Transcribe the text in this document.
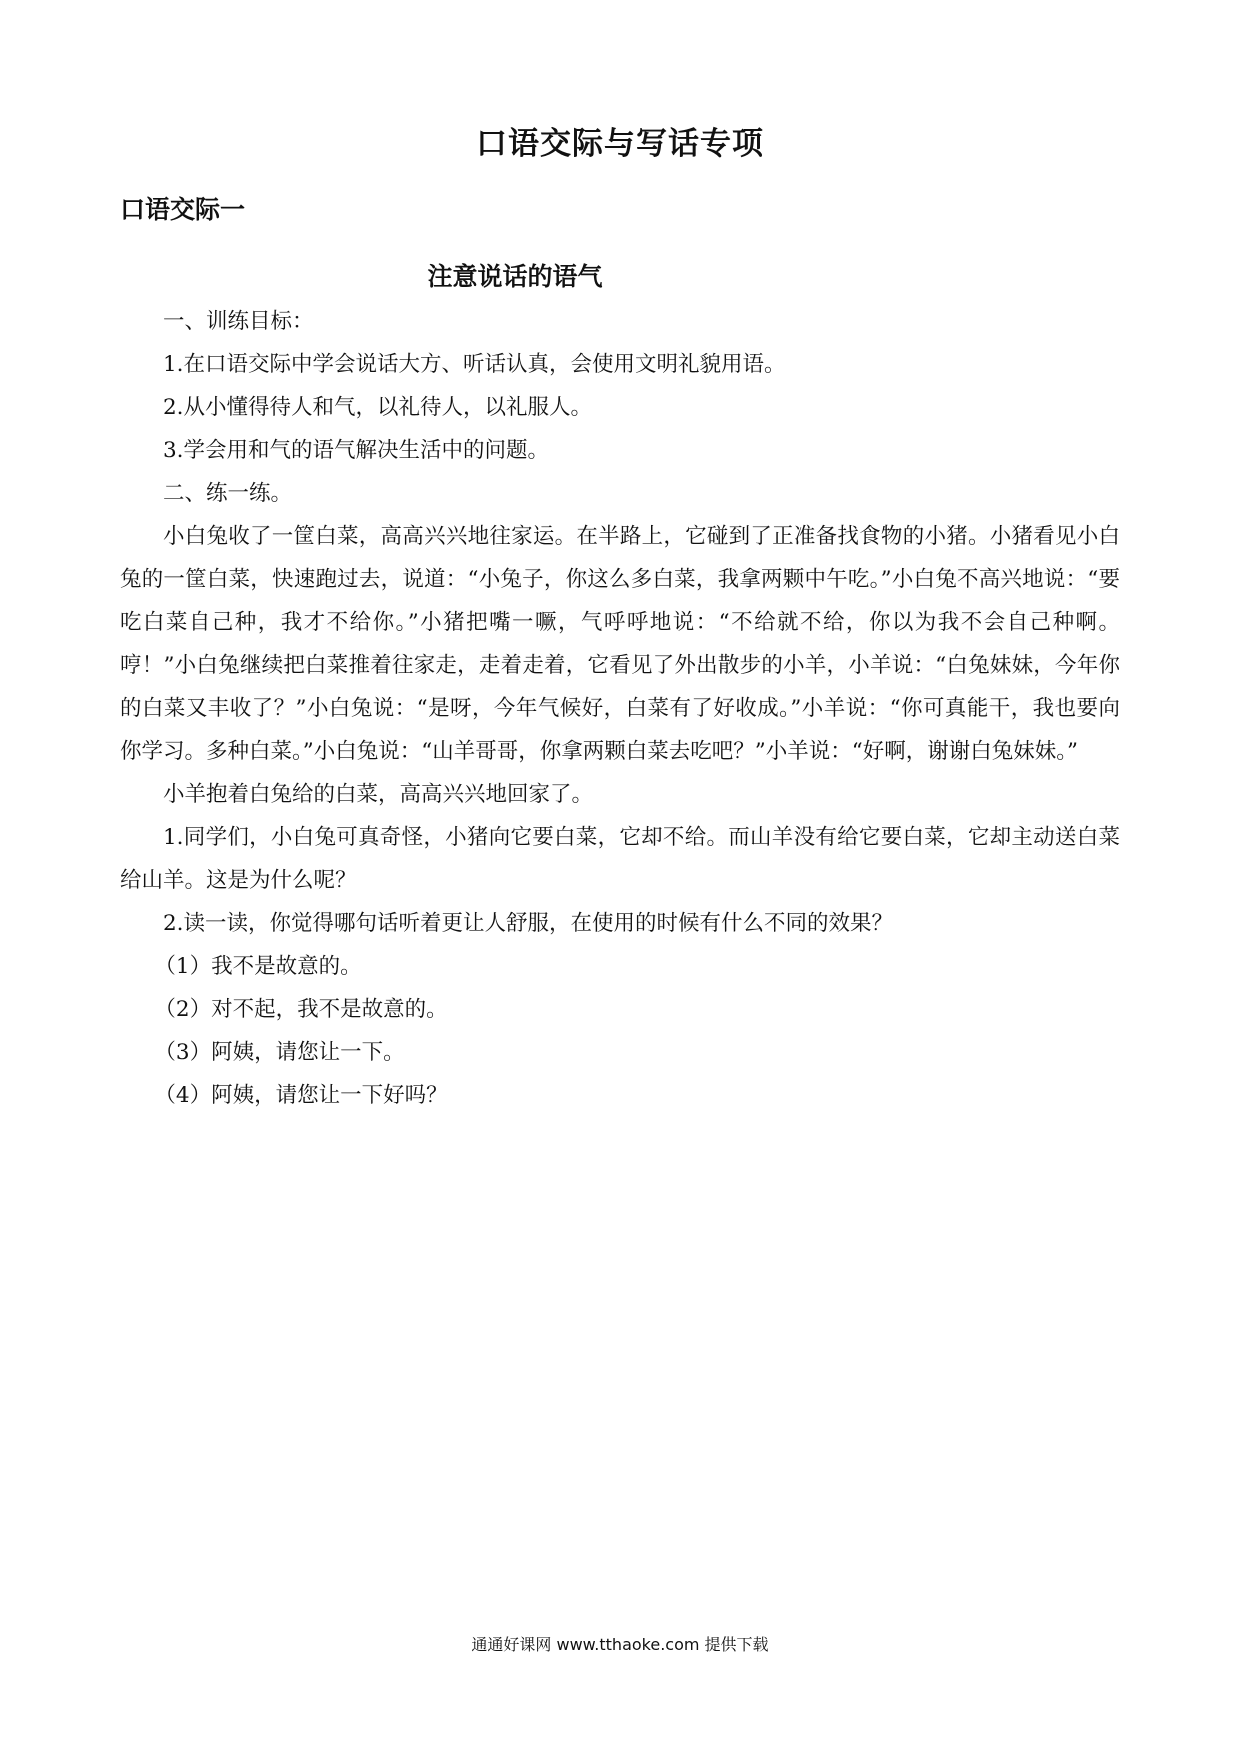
口语交际与写话专项
口语交际一
注意说话的语气

一、训练目标：

1.在口语交际中学会说话大方、听话认真，会使用文明礼貌用语。

2.从小懂得待人和气，以礼待人，以礼服人。

3.学会用和气的语气解决生活中的问题。

二、练一练。

小白兔收了一筐白菜，高高兴兴地往家运。在半路上，它碰到了正准备找食物的小猪。小猪看见小白兔的一筐白菜，快速跑过去，说道：“小兔子，你这么多白菜，我拿两颗中午吃。”小白兔不高兴地说：“要吃白菜自己种，我才不给你。”小猪把嘴一噘，气呼呼地说：“不给就不给，你以为我不会自己种啊。哼！”小白兔继续把白菜推着往家走，走着走着，它看见了外出散步的小羊，小羊说：“白兔妹妹，今年你的白菜又丰收了？”小白兔说：“是呀，今年气候好，白菜有了好收成。”小羊说：“你可真能干，我也要向你学习。多种白菜。”小白兔说：“山羊哥哥，你拿两颗白菜去吃吧？”小羊说：“好啊，谢谢白兔妹妹。”

小羊抱着白兔给的白菜，高高兴兴地回家了。

1.同学们，小白兔可真奇怪，小猪向它要白菜，它却不给。而山羊没有给它要白菜，它却主动送白菜给山羊。这是为什么呢？

2.读一读，你觉得哪句话听着更让人舒服，在使用的时候有什么不同的效果？

（1）我不是故意的。

（2）对不起，我不是故意的。

（3）阿姨，请您让一下。

（4）阿姨，请您让一下好吗？

通通好课网 www.tthaoke.com 提供下载
